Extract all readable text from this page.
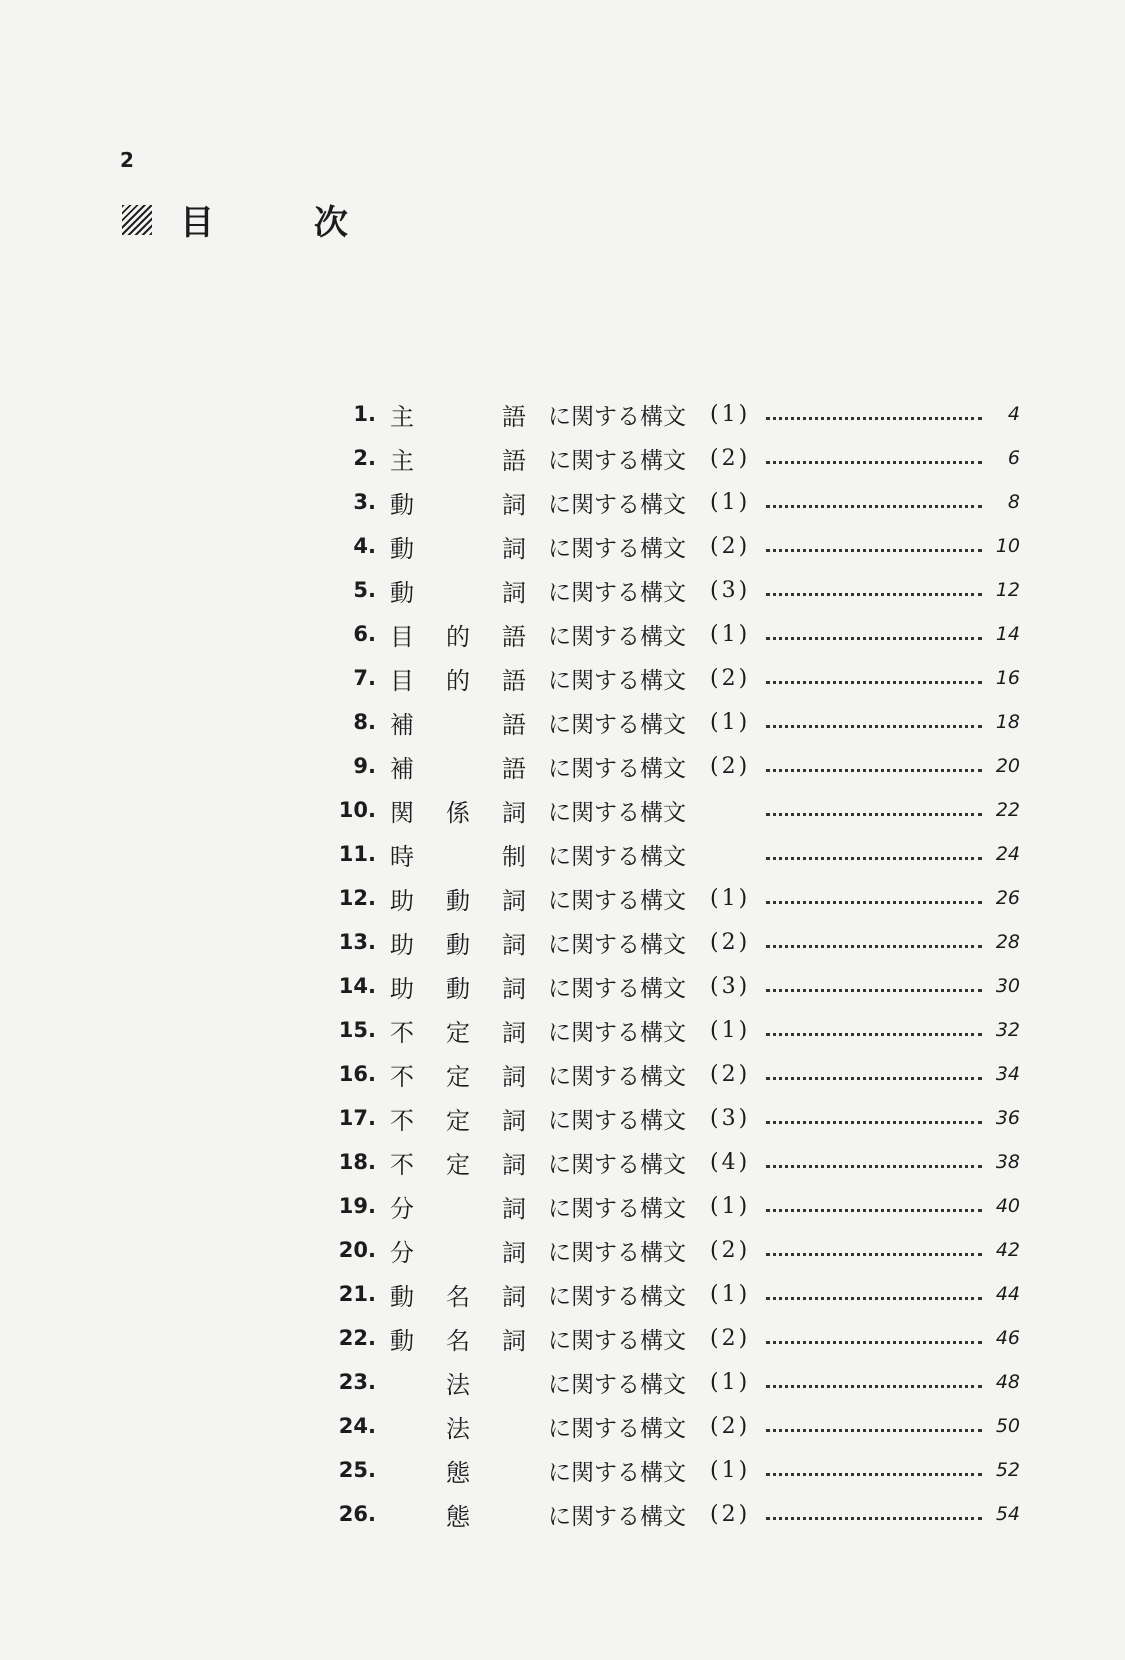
2
目 次
1. 主	語 に関する構文	(1)	4
2. 主	語 に関する構文	(2)	6
3. 動	詞 に関する構文	(1)	8
4. 動	詞 に関する構文	(2)	10
5. 動	詞 に関する構文	(3)	12
6. 目 的 語 に関する構文	(1)	14
7. 目 的 語 に関する構文	(2)	16
8. 補	語 に関する構文	(1)	18
9. 補	語 に関する構文	(2)	20
10. 関 係 詞 に関する構文	22
11. 時	制 に関する構文	24
12. 助 動 詞 に関する構文	(1)	26
13. 助 動 詞 に関する構文	(2)	28
14. 助 動 詞 に関する構文	(3)	30
15. 不 定 詞 に関する構文	(1)	32
16. 不 定 詞 に関する構文	(2)	34
17. 不 定 詞 に関する構文	(3)	36
18. 不 定 詞 に関する構文	(4)	38
19. 分	詞 に関する構文	(1)	40
20. 分	詞 に関する構文	(2)	42
21. 動 名 詞 に関する構文	(1)	44
22. 動 名 詞 に関する構文	(2)	46
23.	法	に関する構文	(1)	48
24.	法	に関する構文	(2)	50
25.	態	に関する構文	(1)	52
26.	態	に関する構文	(2)	54
